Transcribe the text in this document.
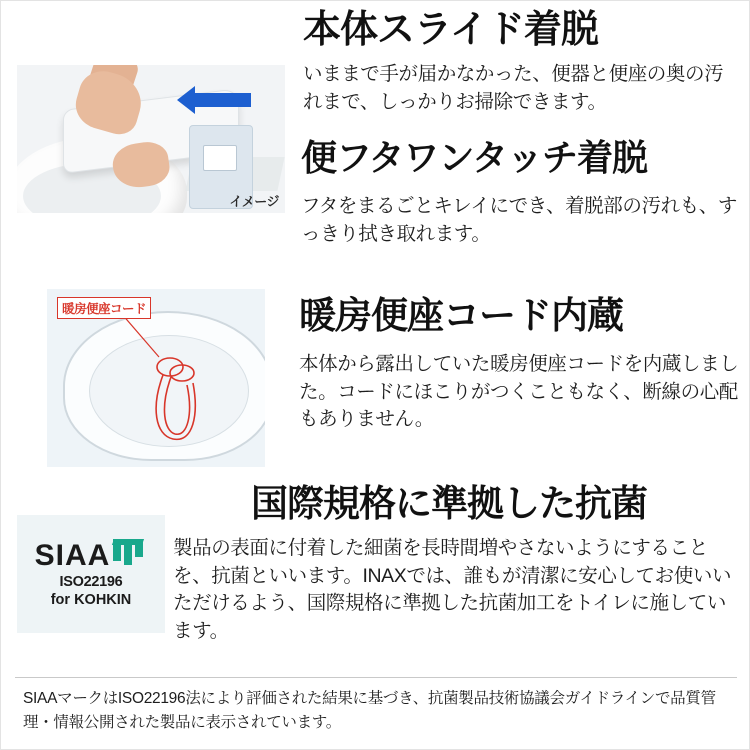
イメージ
本体スライド着脱
いままで手が届かなかった、便器と便座の奥の汚れまで、しっかりお掃除できます。
便フタワンタッチ着脱
フタをまるごとキレイにでき、着脱部の汚れも、すっきり拭き取れます。
暖房便座コード	暖房便座コード内蔵
本体から露出していた暖房便座コードを内蔵しました。コードにほこりがつくこともなく、断線の心配もありません。
SIAA
ISO22196
for KOHKIN
国際規格に準拠した抗菌
製品の表面に付着した細菌を長時間増やさないようにすることを、抗菌といいます。INAXでは、誰もが清潔に安心してお使いいただけるよう、国際規格に準拠した抗菌加工をトイレに施しています。
SIAAマークはISO22196法により評価された結果に基づき、抗菌製品技術協議会ガイドラインで品質管理・情報公開された製品に表示されています。
